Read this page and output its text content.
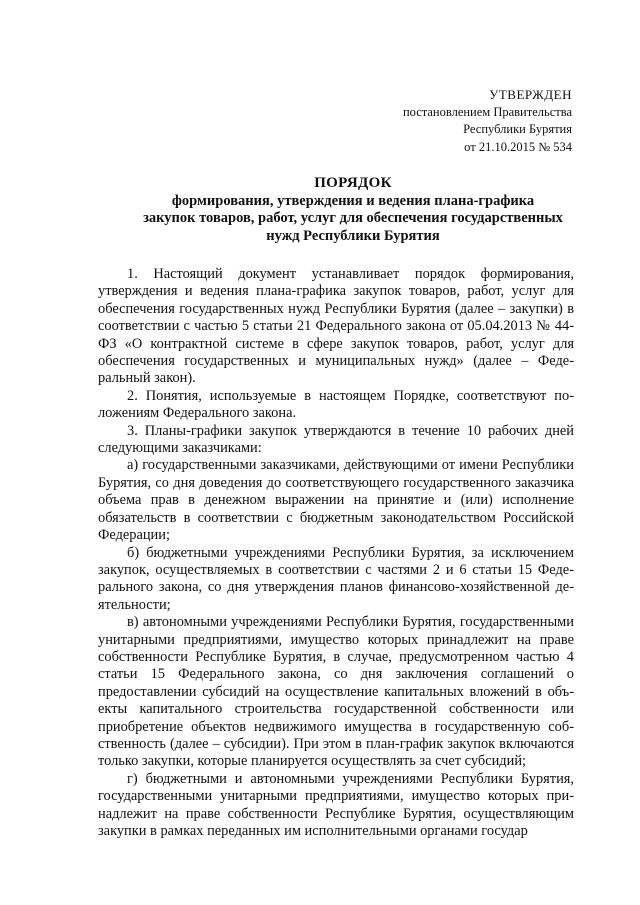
УТВЕРЖДЕН
постановлением Правительства
Республики Бурятия
от 21.10.2015 № 534
ПОРЯДОК
формирования, утверждения и ведения плана-графика
закупок товаров, работ, услуг для обеспечения государственных
нужд Республики Бурятия

1. Настоящий документ устанавливает порядок формирования, утверждения и ведения плана-графика закупок товаров, работ, услуг для обеспечения государственных нужд Республики Бурятия (далее – закупки) в соответствии с частью 5 статьи 21 Федерального закона от 05.04.2013 № 44-ФЗ «О контрактной системе в сфере закупок товаров, работ, услуг для обеспечения государственных и муниципальных нужд» (далее – Федеральный закон).

2. Понятия, используемые в настоящем Порядке, соответствуют положениям Федерального закона.

3. Планы-графики закупок утверждаются в течение 10 рабочих дней следующими заказчиками:

а) государственными заказчиками, действующими от имени Республики Бурятия, со дня доведения до соответствующего государственного заказчика объема прав в денежном выражении на принятие и (или) исполнение обязательств в соответствии с бюджетным законодательством Российской Федерации;

б) бюджетными учреждениями Республики Бурятия, за исключением закупок, осуществляемых в соответствии с частями 2 и 6 статьи 15 Федерального закона, со дня утверждения планов финансово-хозяйственной деятельности;

в) автономными учреждениями Республики Бурятия, государственными унитарными предприятиями, имущество которых принадлежит на праве собственности Республике Бурятия, в случае, предусмотренном частью 4 статьи 15 Федерального закона, со дня заключения соглашений о предоставлении субсидий на осуществление капитальных вложений в объекты капитального строительства государственной собственности или приобретение объектов недвижимого имущества в государственную собственность (далее – субсидии). При этом в план-график закупок включаются только закупки, которые планируется осуществлять за счет субсидий;

г) бюджетными и автономными учреждениями Республики Бурятия, государственными унитарными предприятиями, имущество которых принадлежит на праве собственности Республике Бурятия, осуществляющим закупки в рамках переданных им исполнительными органами государ
